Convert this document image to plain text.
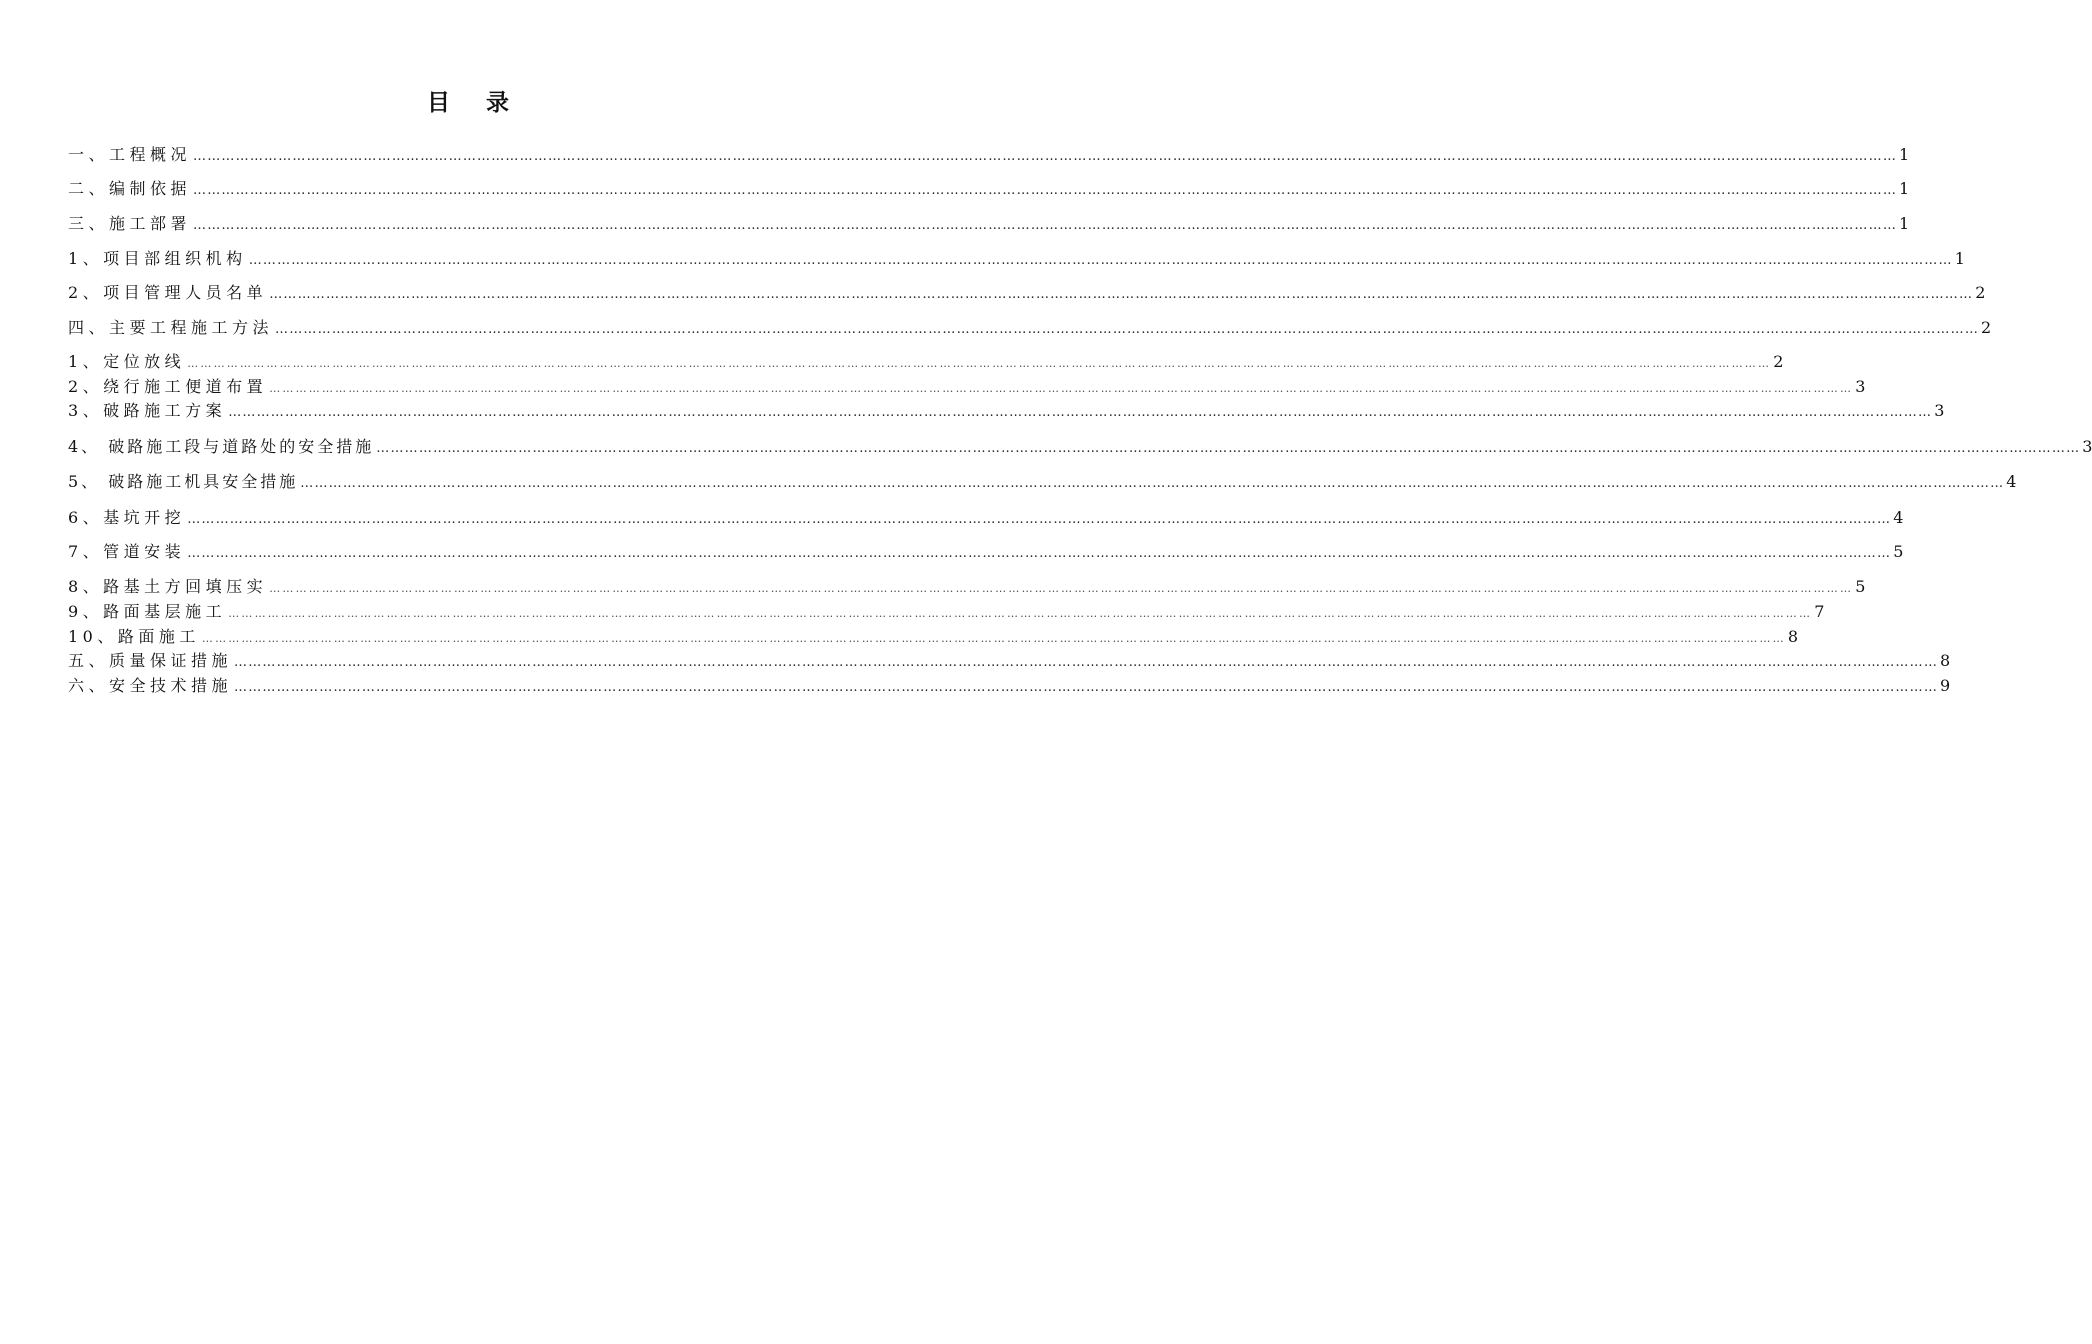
目 录
一、工程概况 ……………………………………………………………………………………………………………………………………………………………………………………………………………………………………………………………………………………………………………………………… 1
二、编制依据 ……………………………………………………………………………………………………………………………………………………………………………………………………………………………………………………………………………………………………………………………… 1
三、施工部署 ……………………………………………………………………………………………………………………………………………………………………………………………………………………………………………………………………………………………………………………………… 1
1、项目部组织机构 ……………………………………………………………………………………………………………………………………………………………………………………………………………………………………………………………………………………………………………………………… 1
2、项目管理人员名单 ……………………………………………………………………………………………………………………………………………………………………………………………………………………………………………………………………………………………………………………………… 2
四、主要工程施工方法 ……………………………………………………………………………………………………………………………………………………………………………………………………………………………………………………………………………………………………………………………… 2
1、定位放线 ……………………………………………………………………………………………………………………………………………………………………………………………………………………………………………………………………………………………………………………………… 2
2、绕行施工便道布置 ……………………………………………………………………………………………………………………………………………………………………………………………………………………………………………………………………………………………………………………………… 3
3、破路施工方案 ……………………………………………………………………………………………………………………………………………………………………………………………………………………………………………………………………………………………………………………………… 3
4、 破路施工段与道路处的安全措施 ……………………………………………………………………………………………………………………………………………………………………………………………………………………………………………………………………………………………………………………………… 3
5、 破路施工机具安全措施 ……………………………………………………………………………………………………………………………………………………………………………………………………………………………………………………………………………………………………………………………… 4
6、基坑开挖 ……………………………………………………………………………………………………………………………………………………………………………………………………………………………………………………………………………………………………………………………… 4
7、管道安装 ……………………………………………………………………………………………………………………………………………………………………………………………………………………………………………………………………………………………………………………………… 5
8、路基土方回填压实 ……………………………………………………………………………………………………………………………………………………………………………………………………………………………………………………………………………………………………………………………… 5
9、路面基层施工 ……………………………………………………………………………………………………………………………………………………………………………………………………………………………………………………………………………………………………………………………… 7
10、路面施工 ……………………………………………………………………………………………………………………………………………………………………………………………………………………………………………………………………………………………………………………………… 8
五、质量保证措施 ……………………………………………………………………………………………………………………………………………………………………………………………………………………………………………………………………………………………………………………………… 8
六、安全技术措施 ……………………………………………………………………………………………………………………………………………………………………………………………………………………………………………………………………………………………………………………………… 9
